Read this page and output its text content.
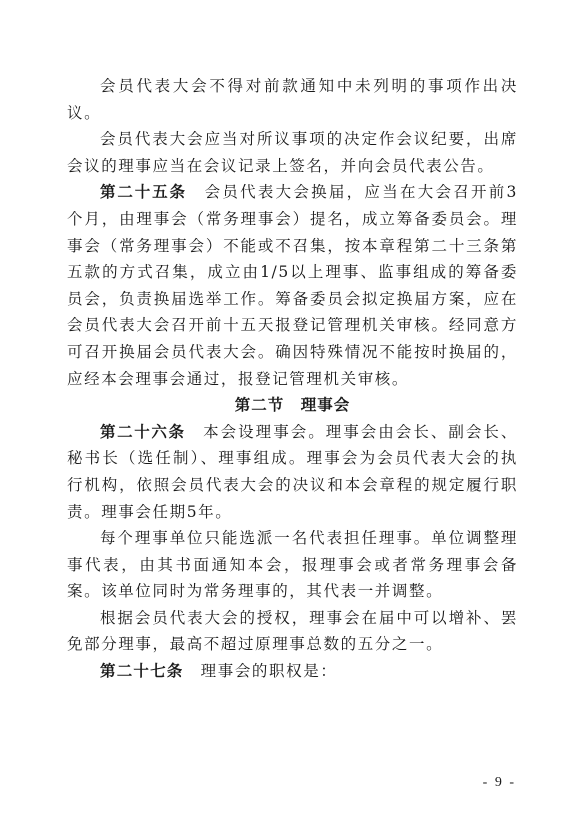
会员代表大会不得对前款通知中未列明的事项作出决议。

会员代表大会应当对所议事项的决定作会议纪要，出席会议的理事应当在会议记录上签名，并向会员代表公告。

第二十五条　 会员代表大会换届，应当在大会召开前3个月，由理事会（常务理事会）提名，成立筹备委员会。理事会（常务理事会）不能或不召集，按本章程第二十三条第五款的方式召集，成立由1/5以上理事、监事组成的筹备委员会，负责换届选举工作。筹备委员会拟定换届方案，应在会员代表大会召开前十五天报登记管理机关审核。经同意方可召开换届会员代表大会。确因特殊情况不能按时换届的，应经本会理事会通过，报登记管理机关审核。

第二节 理事会

第二十六条　 本会设理事会。理事会由会长、副会长、秘书长（选任制）、理事组成。理事会为会员代表大会的执行机构，依照会员代表大会的决议和本会章程的规定履行职责。理事会任期5年。

每个理事单位只能选派一名代表担任理事。单位调整理事代表，由其书面通知本会，报理事会或者常务理事会备案。该单位同时为常务理事的，其代表一并调整。

根据会员代表大会的授权，理事会在届中可以增补、罢免部分理事，最高不超过原理事总数的五分之一。

第二十七条　 理事会的职权是：

- 9 -
